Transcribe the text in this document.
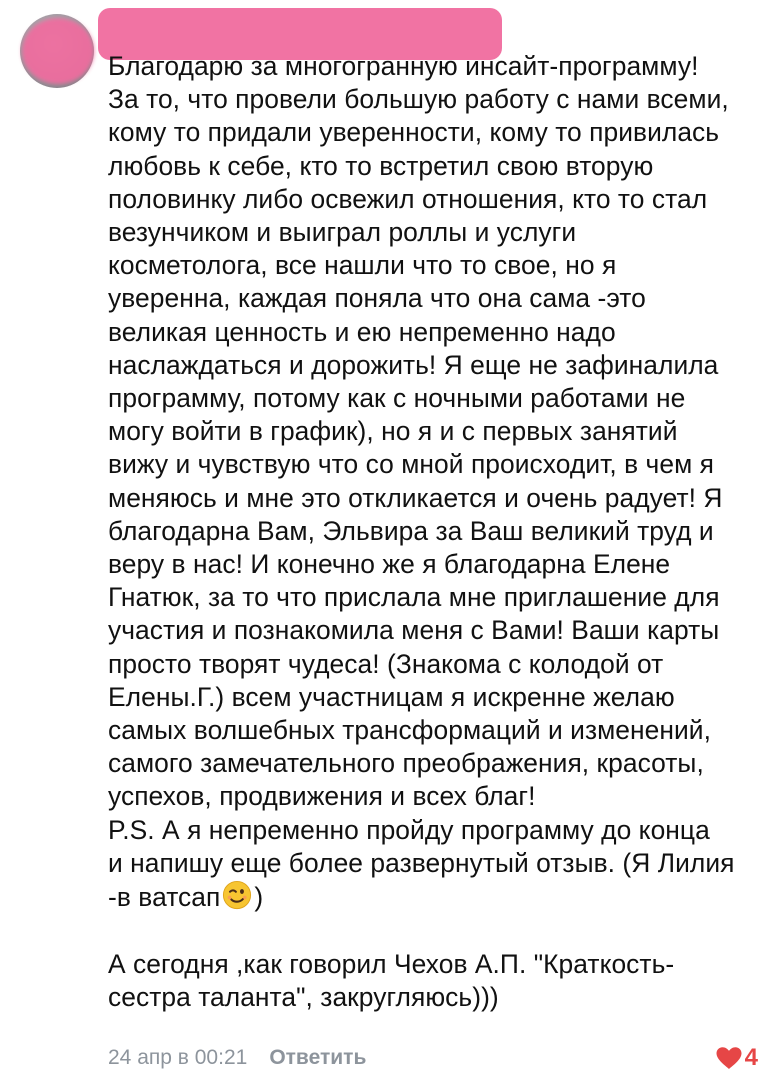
Благодарю за многогранную инсайт-программу!
За то, что провели большую работу с нами всеми,
кому то придали уверенности, кому то привилась
любовь к себе, кто то встретил свою вторую
половинку либо освежил отношения, кто то стал
везунчиком и выиграл роллы и услуги
косметолога, все нашли что то свое, но я
уверенна, каждая поняла что она сама -это
великая ценность и ею непременно надо
наслаждаться и дорожить! Я еще не зафиналила
программу, потому как с ночными работами не
могу войти в график), но я и с первых занятий
вижу и чувствую что со мной происходит, в чем я
меняюсь и мне это откликается и очень радует! Я
благодарна Вам, Эльвира за Ваш великий труд и
веру в нас! И конечно же я благодарна Елене
Гнатюк, за то что прислала мне приглашение для
участия и познакомила меня с Вами! Ваши карты
просто творят чудеса! (Знакома с колодой от
Елены.Г.) всем участницам я искренне желаю
самых волшебных трансформаций и изменений,
самого замечательного преображения, красоты,
успехов, продвижения и всех благ!
P.S. А я непременно пройду программу до конца
и напишу еще более развернутый отзыв. (Я Лилия
-в ватсап )
А сегодня ,как говорил Чехов А.П. "Краткость-
сестра таланта", закругляюсь)))
24 апр в 00:21 Ответить	4
